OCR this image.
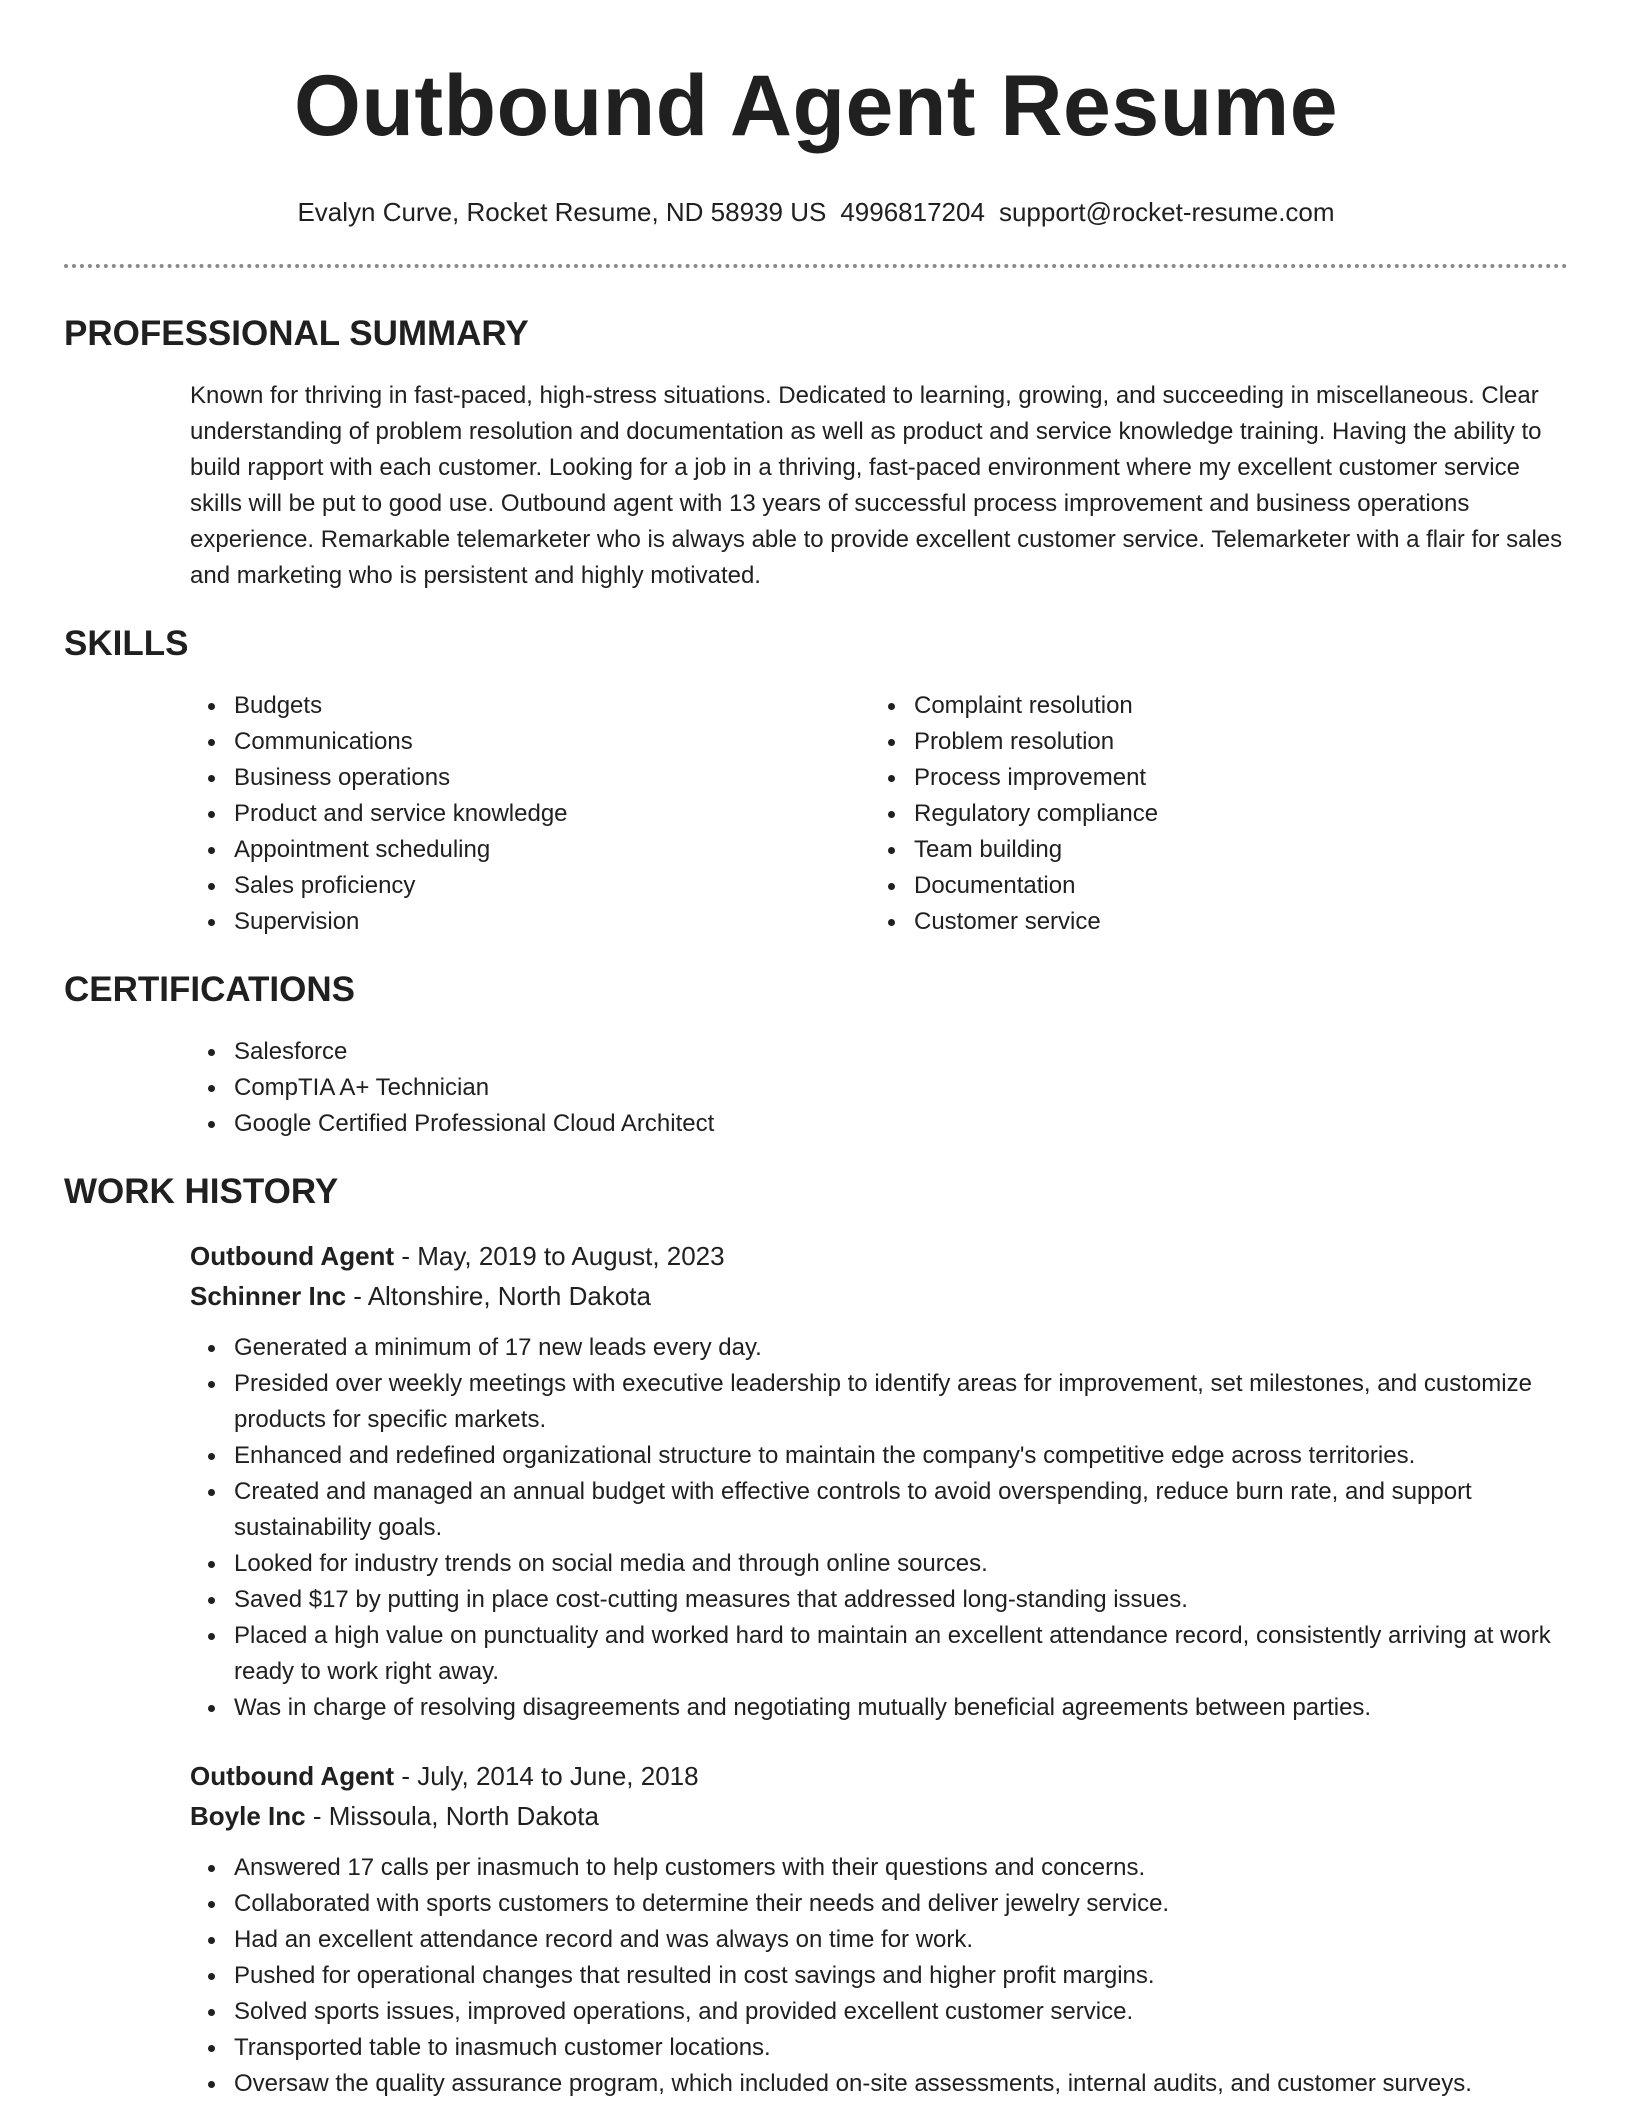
Outbound Agent Resume
Evalyn Curve, Rocket Resume, ND 58939 US 4996817204 support@rocket-resume.com
PROFESSIONAL SUMMARY

Known for thriving in fast-paced, high-stress situations. Dedicated to learning, growing, and succeeding in miscellaneous. Clear understanding of problem resolution and documentation as well as product and service knowledge training. Having the ability to build rapport with each customer. Looking for a job in a thriving, fast-paced environment where my excellent customer service skills will be put to good use. Outbound agent with 13 years of successful process improvement and business operations experience. Remarkable telemarketer who is always able to provide excellent customer service. Telemarketer with a flair for sales and marketing who is persistent and highly motivated.

SKILLS
Budgets
Communications
Business operations
Product and service knowledge
Appointment scheduling
Sales proficiency
Supervision
Complaint resolution
Problem resolution
Process improvement
Regulatory compliance
Team building
Documentation
Customer service
CERTIFICATIONS
Salesforce
CompTIA A+ Technician
Google Certified Professional Cloud Architect
WORK HISTORY
Outbound Agent - May, 2019 to August, 2023
Schinner Inc - Altonshire, North Dakota
Generated a minimum of 17 new leads every day.
Presided over weekly meetings with executive leadership to identify areas for improvement, set milestones, and customize products for specific markets.
Enhanced and redefined organizational structure to maintain the company's competitive edge across territories.
Created and managed an annual budget with effective controls to avoid overspending, reduce burn rate, and support sustainability goals.
Looked for industry trends on social media and through online sources.
Saved $17 by putting in place cost-cutting measures that addressed long-standing issues.
Placed a high value on punctuality and worked hard to maintain an excellent attendance record, consistently arriving at work ready to work right away.
Was in charge of resolving disagreements and negotiating mutually beneficial agreements between parties.
Outbound Agent - July, 2014 to June, 2018
Boyle Inc - Missoula, North Dakota
Answered 17 calls per inasmuch to help customers with their questions and concerns.
Collaborated with sports customers to determine their needs and deliver jewelry service.
Had an excellent attendance record and was always on time for work.
Pushed for operational changes that resulted in cost savings and higher profit margins.
Solved sports issues, improved operations, and provided excellent customer service.
Transported table to inasmuch customer locations.
Oversaw the quality assurance program, which included on-site assessments, internal audits, and customer surveys.
